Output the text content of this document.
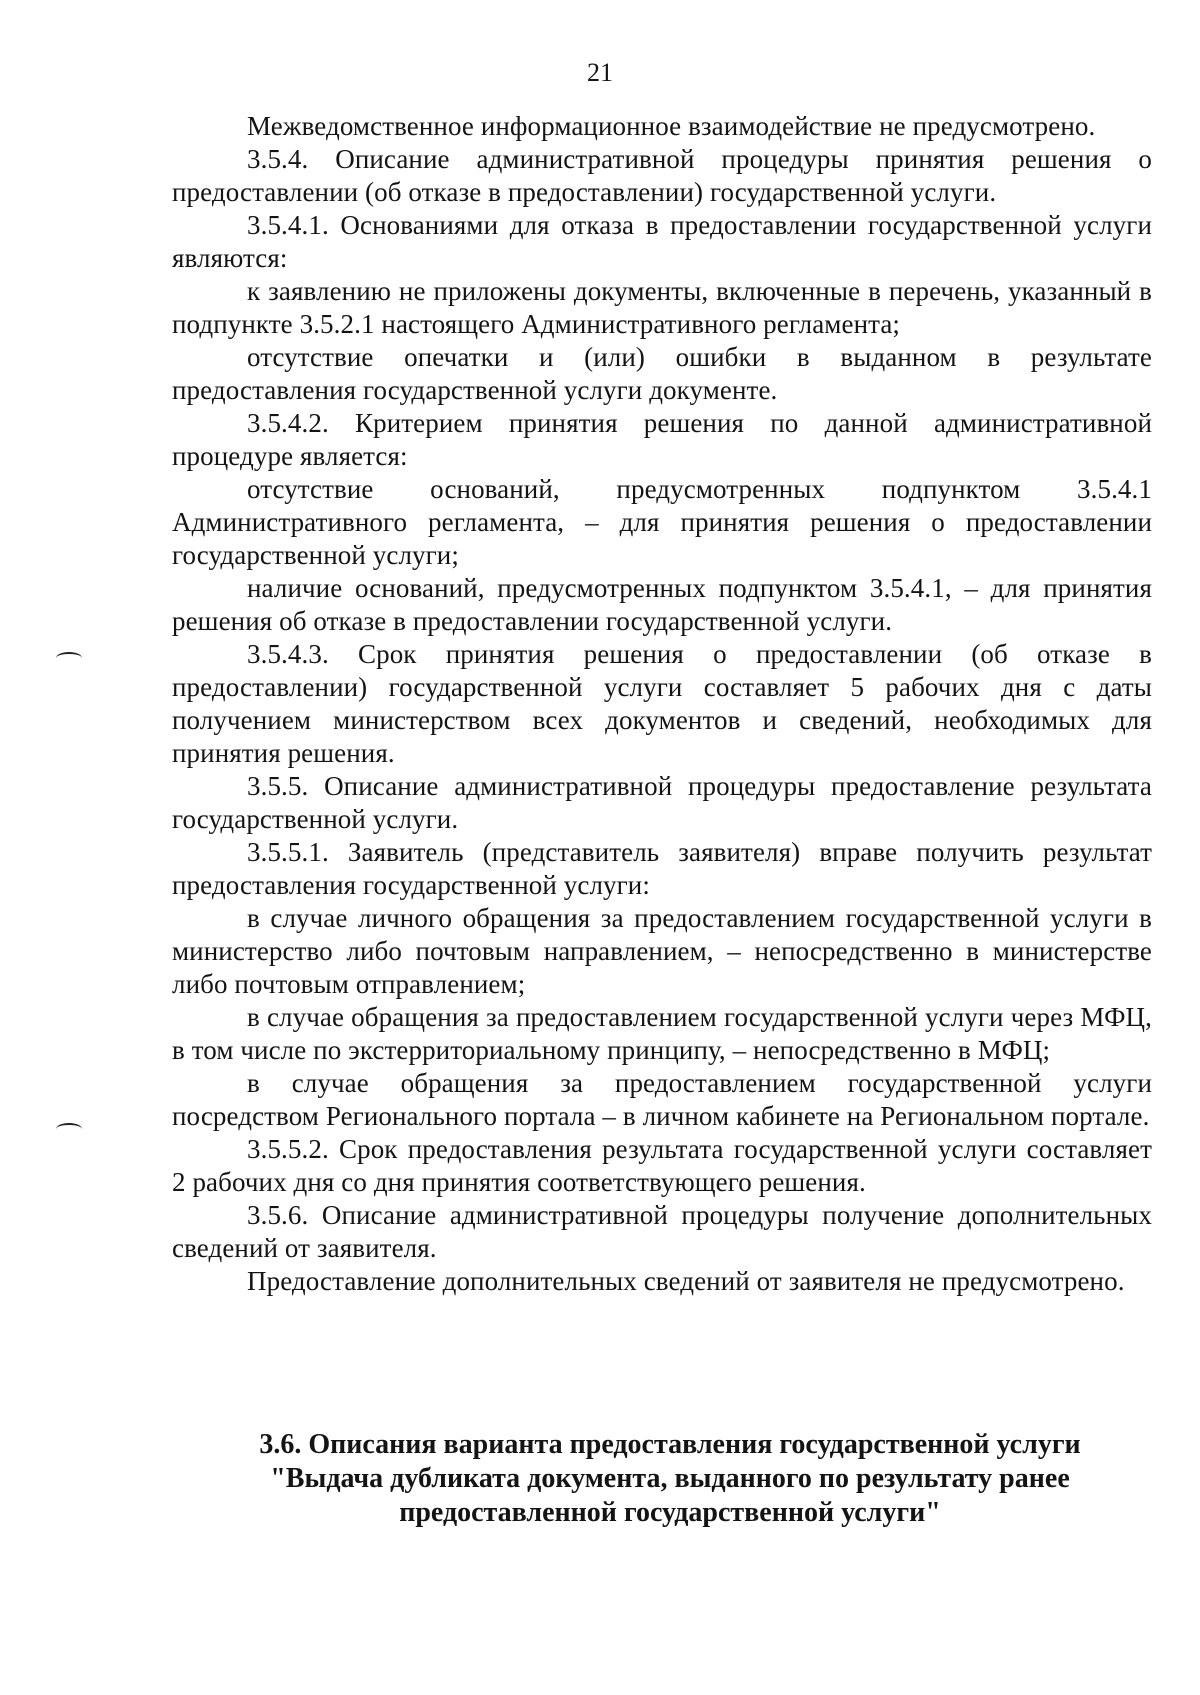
21

Межведомственное информационное взаимодействие не предусмотрено.

3.5.4. Описание административной процедуры принятия решения о предоставлении (об отказе в предоставлении) государственной услуги.

3.5.4.1. Основаниями для отказа в предоставлении государственной услуги являются:

к заявлению не приложены документы, включенные в перечень, указанный в подпункте 3.5.2.1 настоящего Административного регламента;

отсутствие опечатки и (или) ошибки в выданном в результате предоставления государственной услуги документе.

3.5.4.2. Критерием принятия решения по данной административной процедуре является:

отсутствие оснований, предусмотренных подпунктом 3.5.4.1 Административного регламента, – для принятия решения о предоставлении государственной услуги;

наличие оснований, предусмотренных подпунктом 3.5.4.1, – для принятия решения об отказе в предоставлении государственной услуги.

3.5.4.3. Срок принятия решения о предоставлении (об отказе в предоставлении) государственной услуги составляет 5 рабочих дня с даты получением министерством всех документов и сведений, необходимых для принятия решения.

3.5.5. Описание административной процедуры предоставление результата государственной услуги.

3.5.5.1. Заявитель (представитель заявителя) вправе получить результат предоставления государственной услуги:

в случае личного обращения за предоставлением государственной услуги в министерство либо почтовым направлением, – непосредственно в министерстве либо почтовым отправлением;

в случае обращения за предоставлением государственной услуги через МФЦ, в том числе по экстерриториальному принципу, – непосредственно в МФЦ;

в случае обращения за предоставлением государственной услуги посредством Регионального портала – в личном кабинете на Региональном портале.

3.5.5.2. Срок предоставления результата государственной услуги составляет 2 рабочих дня со дня принятия соответствующего решения.

3.5.6. Описание административной процедуры получение дополнительных сведений от заявителя.

Предоставление дополнительных сведений от заявителя не предусмотрено.

3.6. Описания варианта предоставления государственной услуги
"Выдача дубликата документа, выданного по результату ранее
предоставленной государственной услуги"
